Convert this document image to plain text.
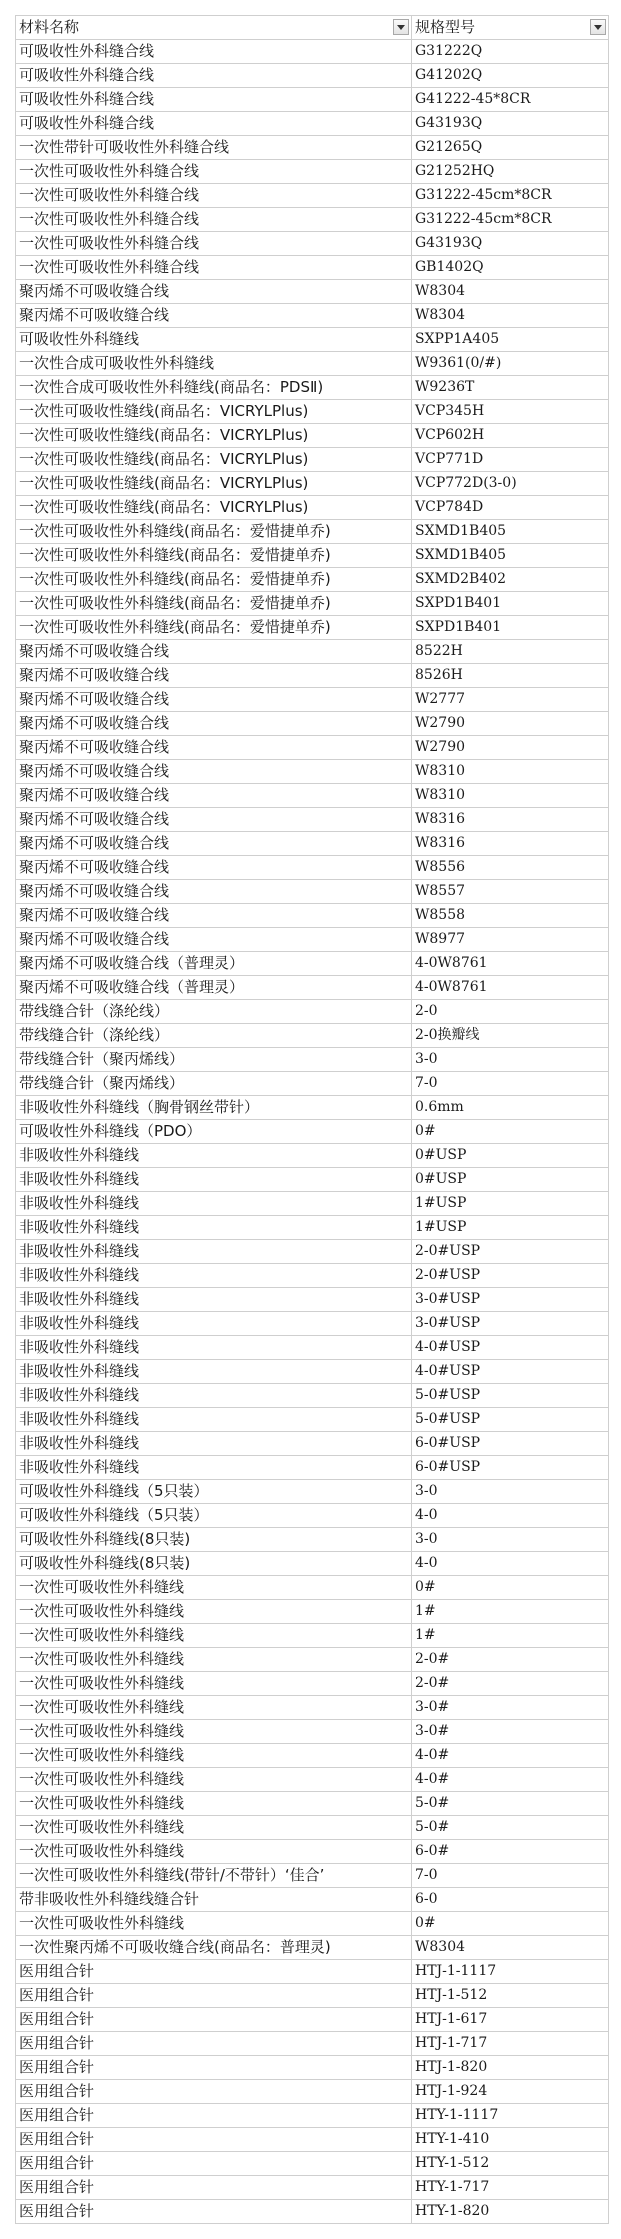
材料名称	规格型号

可吸收性外科缝合线	G31222Q
可吸收性外科缝合线	G41202Q
可吸收性外科缝合线	G41222-45*8CR
可吸收性外科缝合线	G43193Q
一次性带针可吸收性外科缝合线	G21265Q
一次性可吸收性外科缝合线	G21252HQ
一次性可吸收性外科缝合线	G31222-45cm*8CR
一次性可吸收性外科缝合线	G31222-45cm*8CR
一次性可吸收性外科缝合线	G43193Q
一次性可吸收性外科缝合线	GB1402Q
聚丙烯不可吸收缝合线	W8304
聚丙烯不可吸收缝合线	W8304
可吸收性外科缝线	SXPP1A405
一次性合成可吸收性外科缝线	W9361(0/#)
一次性合成可吸收性外科缝线(商品名：PDSⅡ)	W9236T
一次性可吸收性缝线(商品名：VICRYLPlus)	VCP345H
一次性可吸收性缝线(商品名：VICRYLPlus)	VCP602H
一次性可吸收性缝线(商品名：VICRYLPlus)	VCP771D
一次性可吸收性缝线(商品名：VICRYLPlus)	VCP772D(3-0)
一次性可吸收性缝线(商品名：VICRYLPlus)	VCP784D
一次性可吸收性外科缝线(商品名：爱惜捷单乔)	SXMD1B405
一次性可吸收性外科缝线(商品名：爱惜捷单乔)	SXMD1B405
一次性可吸收性外科缝线(商品名：爱惜捷单乔)	SXMD2B402
一次性可吸收性外科缝线(商品名：爱惜捷单乔)	SXPD1B401
一次性可吸收性外科缝线(商品名：爱惜捷单乔)	SXPD1B401
聚丙烯不可吸收缝合线	8522H
聚丙烯不可吸收缝合线	8526H
聚丙烯不可吸收缝合线	W2777
聚丙烯不可吸收缝合线	W2790
聚丙烯不可吸收缝合线	W2790
聚丙烯不可吸收缝合线	W8310
聚丙烯不可吸收缝合线	W8310
聚丙烯不可吸收缝合线	W8316
聚丙烯不可吸收缝合线	W8316
聚丙烯不可吸收缝合线	W8556
聚丙烯不可吸收缝合线	W8557
聚丙烯不可吸收缝合线	W8558
聚丙烯不可吸收缝合线	W8977
聚丙烯不可吸收缝合线（普理灵）	4-0W8761
聚丙烯不可吸收缝合线（普理灵）	4-0W8761
带线缝合针（涤纶线）	2-0
带线缝合针（涤纶线）	2-0换瓣线
带线缝合针（聚丙烯线）	3-0
带线缝合针（聚丙烯线）	7-0
非吸收性外科缝线（胸骨钢丝带针）	0.6mm
可吸收性外科缝线（PDO）	0#
非吸收性外科缝线	0#USP
非吸收性外科缝线	0#USP
非吸收性外科缝线	1#USP
非吸收性外科缝线	1#USP
非吸收性外科缝线	2-0#USP
非吸收性外科缝线	2-0#USP
非吸收性外科缝线	3-0#USP
非吸收性外科缝线	3-0#USP
非吸收性外科缝线	4-0#USP
非吸收性外科缝线	4-0#USP
非吸收性外科缝线	5-0#USP
非吸收性外科缝线	5-0#USP
非吸收性外科缝线	6-0#USP
非吸收性外科缝线	6-0#USP
可吸收性外科缝线（5只装）	3-0
可吸收性外科缝线（5只装）	4-0
可吸收性外科缝线(8只装)	3-0
可吸收性外科缝线(8只装)	4-0
一次性可吸收性外科缝线	0#
一次性可吸收性外科缝线	1#
一次性可吸收性外科缝线	1#
一次性可吸收性外科缝线	2-0#
一次性可吸收性外科缝线	2-0#
一次性可吸收性外科缝线	3-0#
一次性可吸收性外科缝线	3-0#
一次性可吸收性外科缝线	4-0#
一次性可吸收性外科缝线	4-0#
一次性可吸收性外科缝线	5-0#
一次性可吸收性外科缝线	5-0#
一次性可吸收性外科缝线	6-0#
一次性可吸收性外科缝线(带针/不带针）‘佳合’	7-0
带非吸收性外科缝线缝合针	6-0
一次性可吸收性外科缝线	0#
一次性聚丙烯不可吸收缝合线(商品名：普理灵)	W8304
医用组合针	HTJ-1-1117
医用组合针	HTJ-1-512
医用组合针	HTJ-1-617
医用组合针	HTJ-1-717
医用组合针	HTJ-1-820
医用组合针	HTJ-1-924
医用组合针	HTY-1-1117
医用组合针	HTY-1-410
医用组合针	HTY-1-512
医用组合针	HTY-1-717
医用组合针	HTY-1-820
